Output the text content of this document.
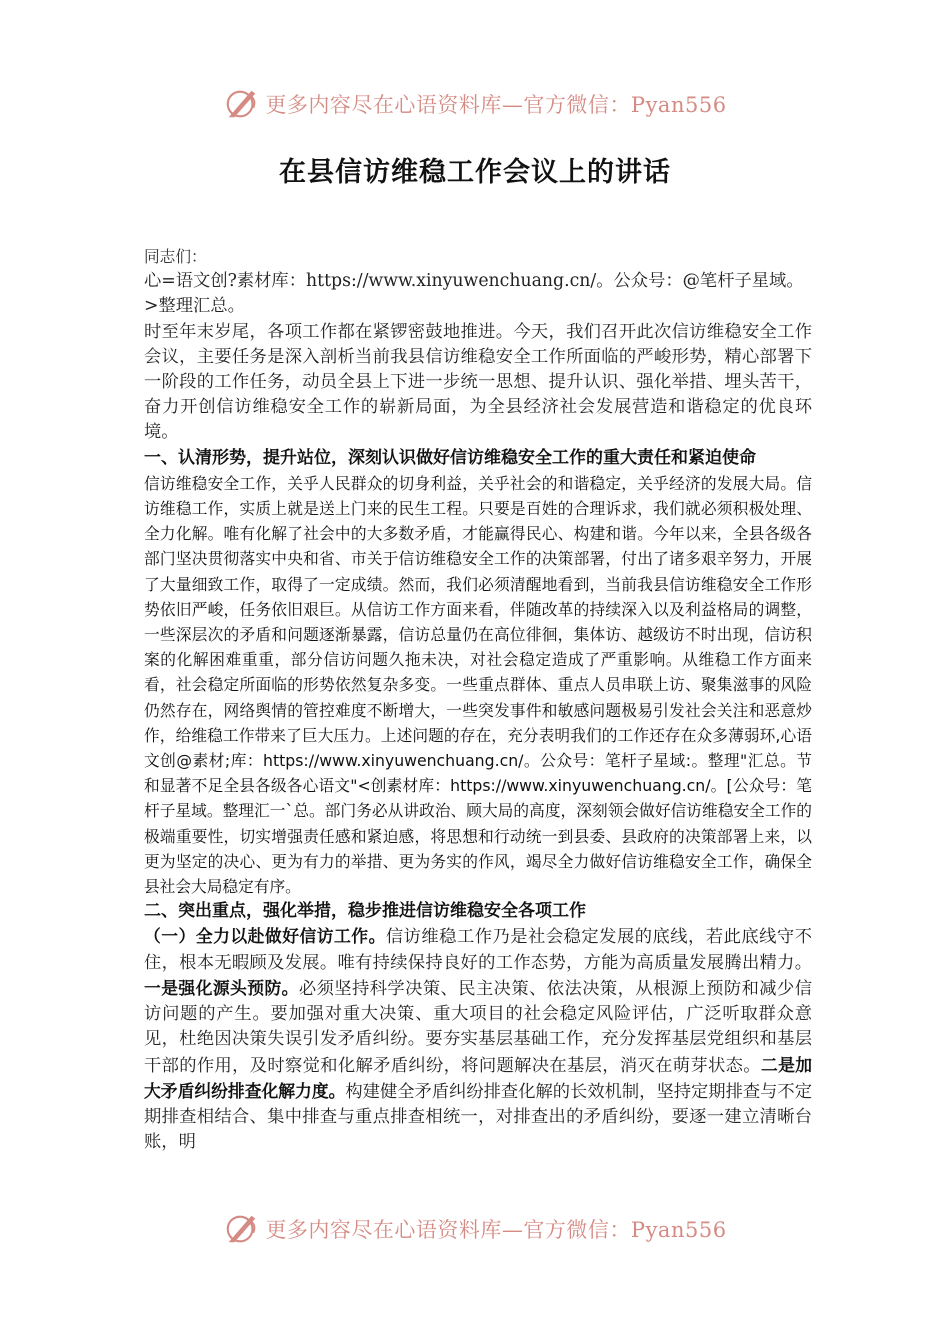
更多内容尽在心语资料库—官方微信：Pyan556
在县信访维稳工作会议上的讲话

同志们：

心=语文创?素材库：https://www.xinyuwenchuang.cn/。公众号：@笔杆子星域。>整理汇总。

时至年末岁尾，各项工作都在紧锣密鼓地推进。今天，我们召开此次信访维稳安全工作会议，主要任务是深入剖析当前我县信访维稳安全工作所面临的严峻形势，精心部署下一阶段的工作任务，动员全县上下进一步统一思想、提升认识、强化举措、埋头苦干，奋力开创信访维稳安全工作的崭新局面，为全县经济社会发展营造和谐稳定的优良环境。

一、认清形势，提升站位，深刻认识做好信访维稳安全工作的重大责任和紧迫使命

信访维稳安全工作，关乎人民群众的切身利益，关乎社会的和谐稳定，关乎经济的发展大局。信访维稳工作，实质上就是送上门来的民生工程。只要是百姓的合理诉求，我们就必须积极处理、全力化解。唯有化解了社会中的大多数矛盾，才能赢得民心、构建和谐。今年以来，全县各级各部门坚决贯彻落实中央和省、市关于信访维稳安全工作的决策部署，付出了诸多艰辛努力，开展了大量细致工作，取得了一定成绩。然而，我们必须清醒地看到，当前我县信访维稳安全工作形势依旧严峻，任务依旧艰巨。从信访工作方面来看，伴随改革的持续深入以及利益格局的调整，一些深层次的矛盾和问题逐渐暴露，信访总量仍在高位徘徊，集体访、越级访不时出现，信访积案的化解困难重重，部分信访问题久拖未决，对社会稳定造成了严重影响。从维稳工作方面来看，社会稳定所面临的形势依然复杂多变。一些重点群体、重点人员串联上访、聚集滋事的风险仍然存在，网络舆情的管控难度不断增大，一些突发事件和敏感问题极易引发社会关注和恶意炒作，给维稳工作带来了巨大压力。上述问题的存在，充分表明我们的工作还存在众多薄弱环,心语文创@素材;库：https://www.xinyuwenchuang.cn/。公众号：笔杆子星域:。整理"汇总。节和显著不足全县各级各心语文"<创素材库：https://www.xinyuwenchuang.cn/。[公众号：笔杆子星域。整理汇一`总。部门务必从讲政治、顾大局的高度，深刻领会做好信访维稳安全工作的极端重要性，切实增强责任感和紧迫感，将思想和行动统一到县委、县政府的决策部署上来，以更为坚定的决心、更为有力的举措、更为务实的作风，竭尽全力做好信访维稳安全工作，确保全县社会大局稳定有序。

二、突出重点，强化举措，稳步推进信访维稳安全各项工作

（一）全力以赴做好信访工作。信访维稳工作乃是社会稳定发展的底线，若此底线守不住，根本无暇顾及发展。唯有持续保持良好的工作态势，方能为高质量发展腾出精力。一是强化源头预防。必须坚持科学决策、民主决策、依法决策，从根源上预防和减少信访问题的产生。要加强对重大决策、重大项目的社会稳定风险评估，广泛听取群众意见，杜绝因决策失误引发矛盾纠纷。要夯实基层基础工作，充分发挥基层党组织和基层干部的作用，及时察觉和化解矛盾纠纷，将问题解决在基层，消灭在萌芽状态。二是加大矛盾纠纷排查化解力度。构建健全矛盾纠纷排查化解的长效机制，坚持定期排查与不定期排查相结合、集中排查与重点排查相统一，对排查出的矛盾纠纷，要逐一建立清晰台账，明

更多内容尽在心语资料库—官方微信：Pyan556
